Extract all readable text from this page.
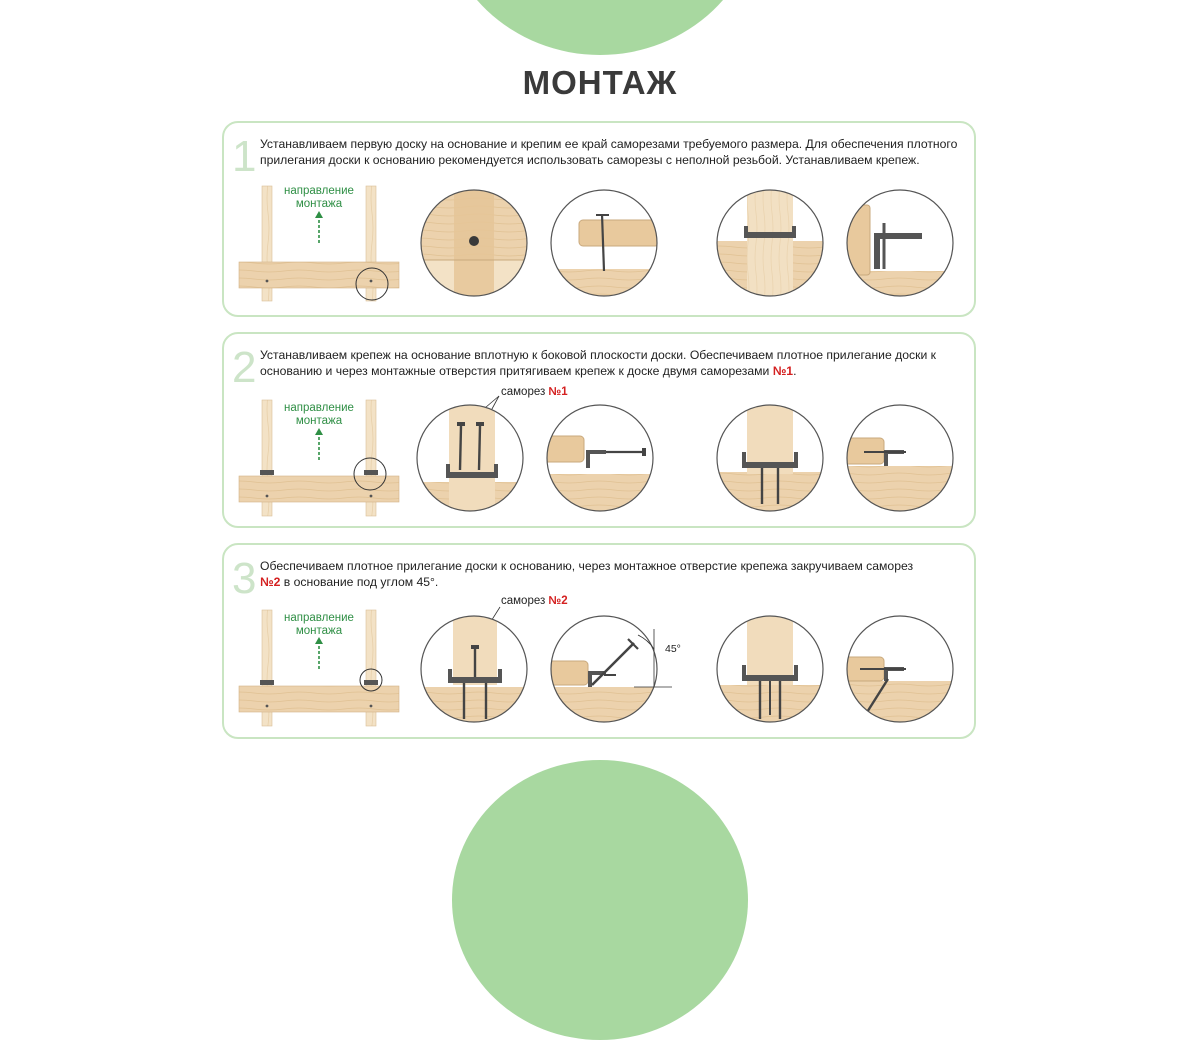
МОНТАЖ
1 Устанавливаем первую доску на основание и крепим ее край саморезами требуемого размера. Для обеспечения плотного прилегания доски к основанию рекомендуется использовать саморезы с неполной резьбой. Устанавливаем крепеж.
направление
монтажа
2 Устанавливаем крепеж на основание вплотную к боковой плоскости доски. Обеспечиваем плотное прилегание доски к основанию и через монтажные отверстия притягиваем крепеж к доске двумя саморезами №1.
направление
монтажа
саморез №1
3 Обеспечиваем плотное прилегание доски к основанию, через монтажное отверстие крепежа закручиваем саморез №2 в основание под углом 45°.
направление
монтажа
саморез №2
45°
